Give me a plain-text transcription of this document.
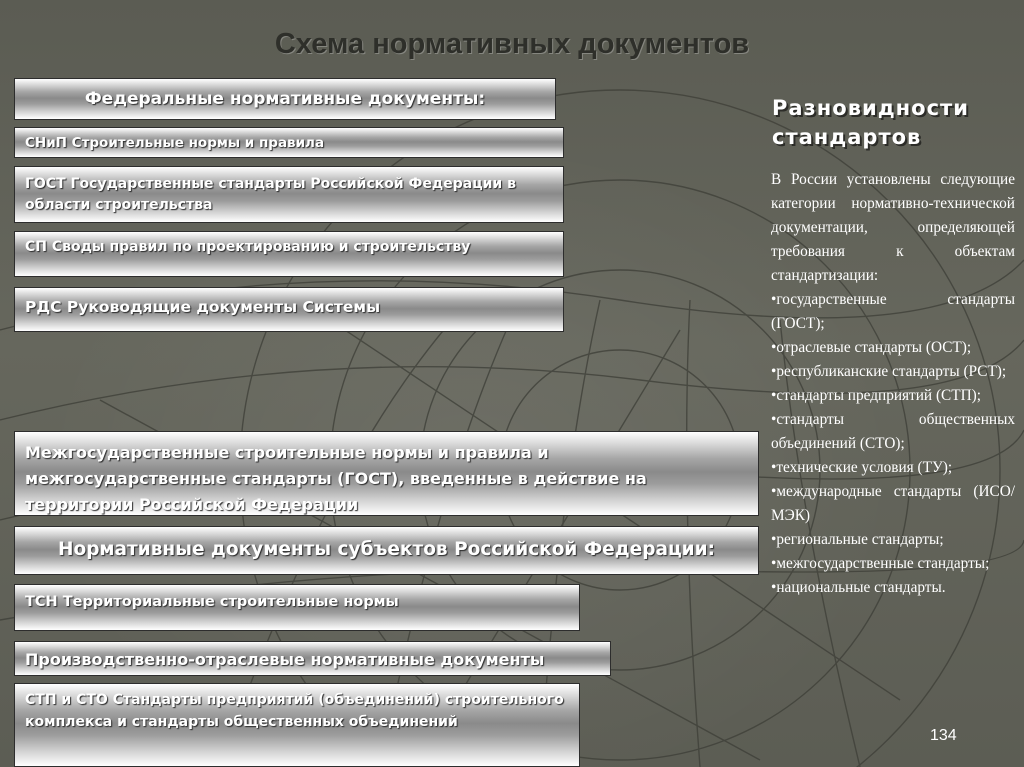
Схема нормативных документов
Федеральные нормативные документы:
СНиП Строительные нормы и правила
ГОСТ Государственные стандарты Российской Федерации в
области строительства
СП Своды правил по проектированию и строительству
РДС Руководящие документы Системы
Межгосударственные строительные нормы и правила и межгосударственные стандарты (ГОСТ), введенные в действие на территории Российской Федерации
Нормативные документы субъектов Российской Федерации:
ТСН Территориальные строительные нормы
Производственно-отраслевые нормативные документы
СТП и СТО Стандарты предприятий (объединений) строительного комплекса и стандарты общественных объединений
Разновидности стандартов

В России установлены следующие категории нормативно-технической документации, определяющей требования к объектам стандартизации:

•государственные стандарты (ГОСТ);

•отраслевые стандарты (ОСТ);

•республиканские стандарты (РСТ);

•стандарты предприятий (СТП);

•стандарты общественных объединений (СТО);

•технические условия (ТУ);

•международные стандарты (ИСО/МЭК)

•региональные стандарты;

•межгосударственные стандарты;

•национальные стандарты.

134
